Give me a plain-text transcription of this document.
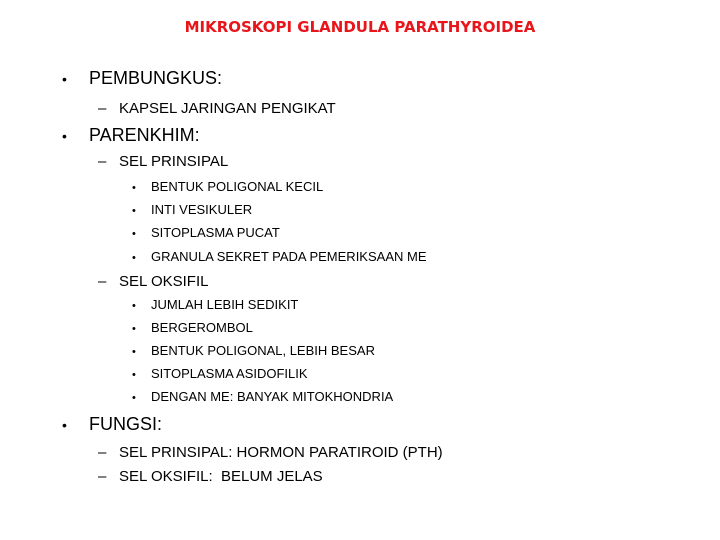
MIKROSKOPI GLANDULA PARATHYROIDEA
•	PEMBUNGKUS:
– KAPSEL JARINGAN PENGIKAT
•	PARENKHIM:
– SEL PRINSIPAL
•	BENTUK POLIGONAL KECIL
•	INTI VESIKULER
•	SITOPLASMA PUCAT
•	GRANULA SEKRET PADA PEMERIKSAAN ME
– SEL OKSIFIL
•	JUMLAH LEBIH SEDIKIT
•	BERGEROMBOL
•	BENTUK POLIGONAL, LEBIH BESAR
•	SITOPLASMA ASIDOFILIK
•	DENGAN ME: BANYAK MITOKHONDRIA
•	FUNGSI:
– SEL PRINSIPAL: HORMON PARATIROID (PTH)
– SEL OKSIFIL:  BELUM JELAS
